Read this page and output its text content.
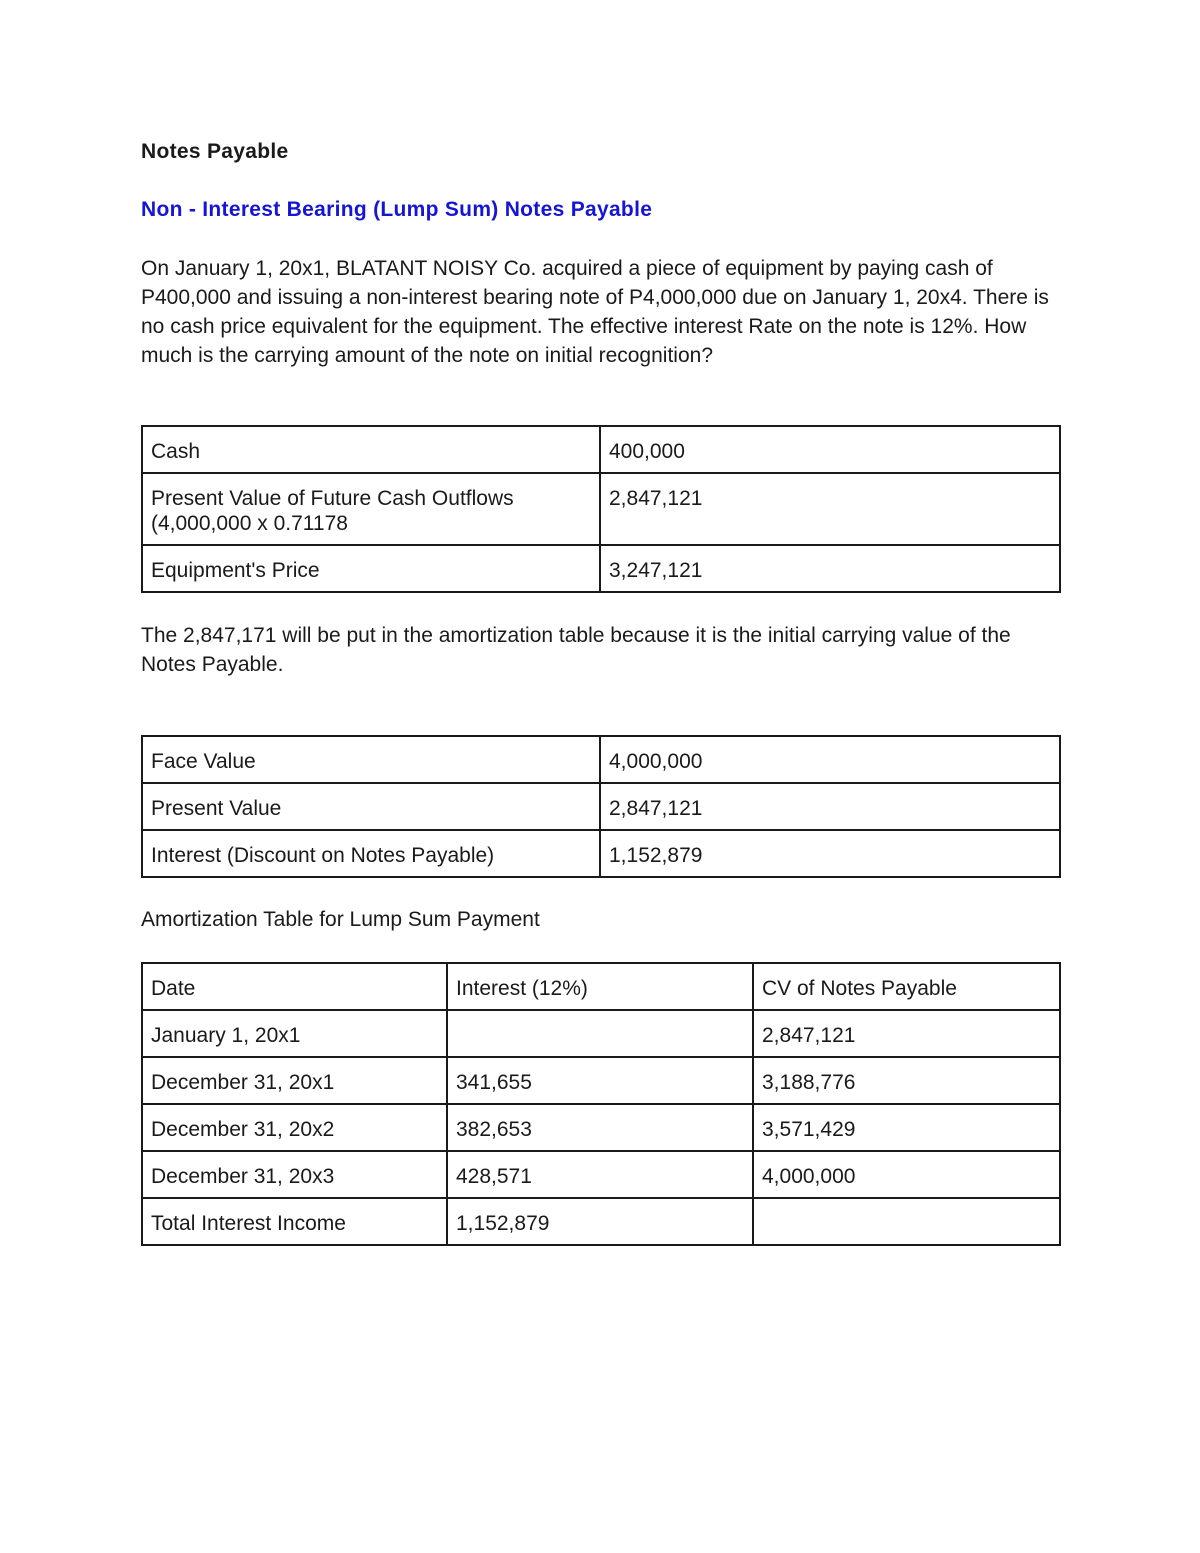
Notes Payable
Non - Interest Bearing (Lump Sum) Notes Payable

On January 1, 20x1, BLATANT NOISY Co. acquired a piece of equipment by paying cash of P400,000 and issuing a non-interest bearing note of P4,000,000 due on January 1, 20x4. There is no cash price equivalent for the equipment. The effective interest Rate on the note is 12%. How much is the carrying amount of the note on initial recognition?

Cash	400,000

Present Value of Future Cash Outflows
(4,000,000 x 0.71178	2,847,121

Equipment's Price	3,247,121

The 2,847,171 will be put in the amortization table because it is the initial carrying value of the Notes Payable.

Face Value	4,000,000

Present Value	2,847,121

Interest (Discount on Notes Payable)	1,152,879

Amortization Table for Lump Sum Payment

Date	Interest (12%)	CV of Notes Payable

January 1, 20x1		2,847,121

December 31, 20x1	341,655	3,188,776

December 31, 20x2	382,653	3,571,429

December 31, 20x3	428,571	4,000,000

Total Interest Income	1,152,879	
